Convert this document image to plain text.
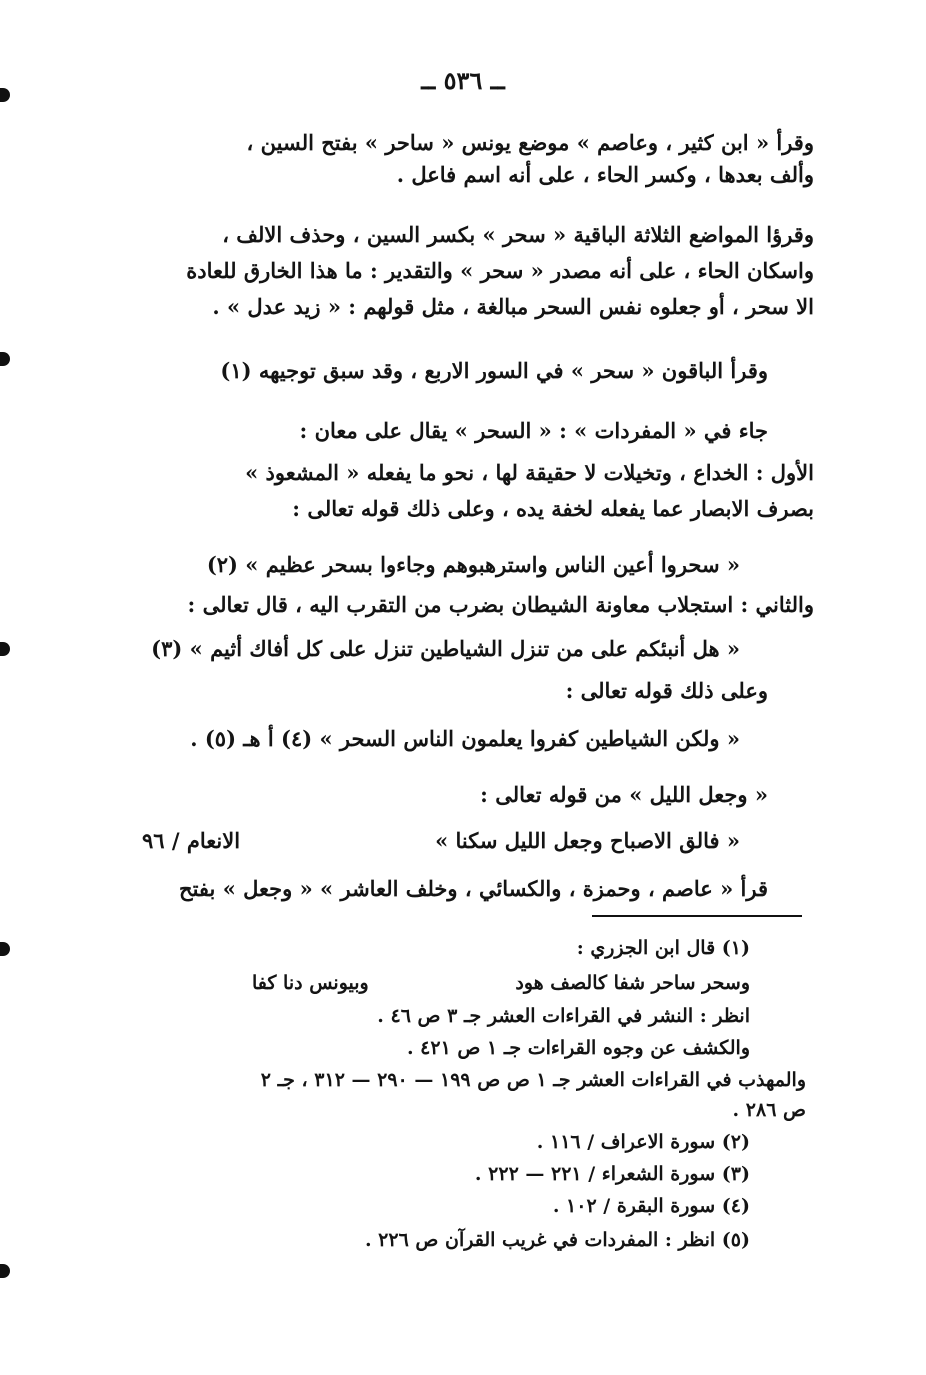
ــ ٥٣٦ ــ
وقرأ « ابن كثير ، وعاصم » موضع يونس « ساحر » بفتح السين ،
وألف بعدها ، وكسر الحاء ، على أنه اسم فاعل .
وقرؤا المواضع الثلاثة الباقية « سحر » بكسر السين ، وحذف الالف ،
واسكان الحاء ، على أنه مصدر « سحر » والتقدير : ما هذا الخارق للعادة
الا سحر ، أو جعلوه نفس السحر مبالغة ، مثل قولهم : « زيد عدل » .
وقرأ الباقون « سحر » في السور الاربع ، وقد سبق توجيهه (١)
جاء في « المفردات » : « السحر » يقال على معان :
الأول : الخداع ، وتخيلات لا حقيقة لها ، نحو ما يفعله « المشعوذ »
بصرف الابصار عما يفعله لخفة يده ، وعلى ذلك قوله تعالى :
« سحروا أعين الناس واسترهبوهم وجاءوا بسحر عظيم » (٢)
والثاني : استجلاب معاونة الشيطان بضرب من التقرب اليه ، قال تعالى :
« هل أنبئكم على من تنزل الشياطين تنزل على كل أفاك أثيم » (٣)
وعلى ذلك قوله تعالى :
« ولكن الشياطين كفروا يعلمون الناس السحر » (٤) أ هـ (٥) .
« وجعل الليل » من قوله تعالى :
« فالق الاصباح وجعل الليل سكنا »
الانعام / ٩٦
قرأ « عاصم ، وحمزة ، والكسائي ، وخلف العاشر » « وجعل » بفتح
(١) قال ابن الجزري :
وسحر ساحر شفا كالصف هود
وبيونس دنا كفا
انظر : النشر في القراءات العشر جـ ٣ ص ٤٦ .
والكشف عن وجوه القراءات جـ ١ ص ٤٢١ .
والمهذب في القراءات العشر جـ ١ ص ص ١٩٩ — ٢٩٠ — ٣١٢ ، جـ ٢
ص ٢٨٦ .
(٢) سورة الاعراف / ١١٦ .
(٣) سورة الشعراء / ٢٢١ — ٢٢٢ .
(٤) سورة البقرة / ١٠٢ .
(٥) انظر : المفردات في غريب القرآن ص ٢٢٦ .
